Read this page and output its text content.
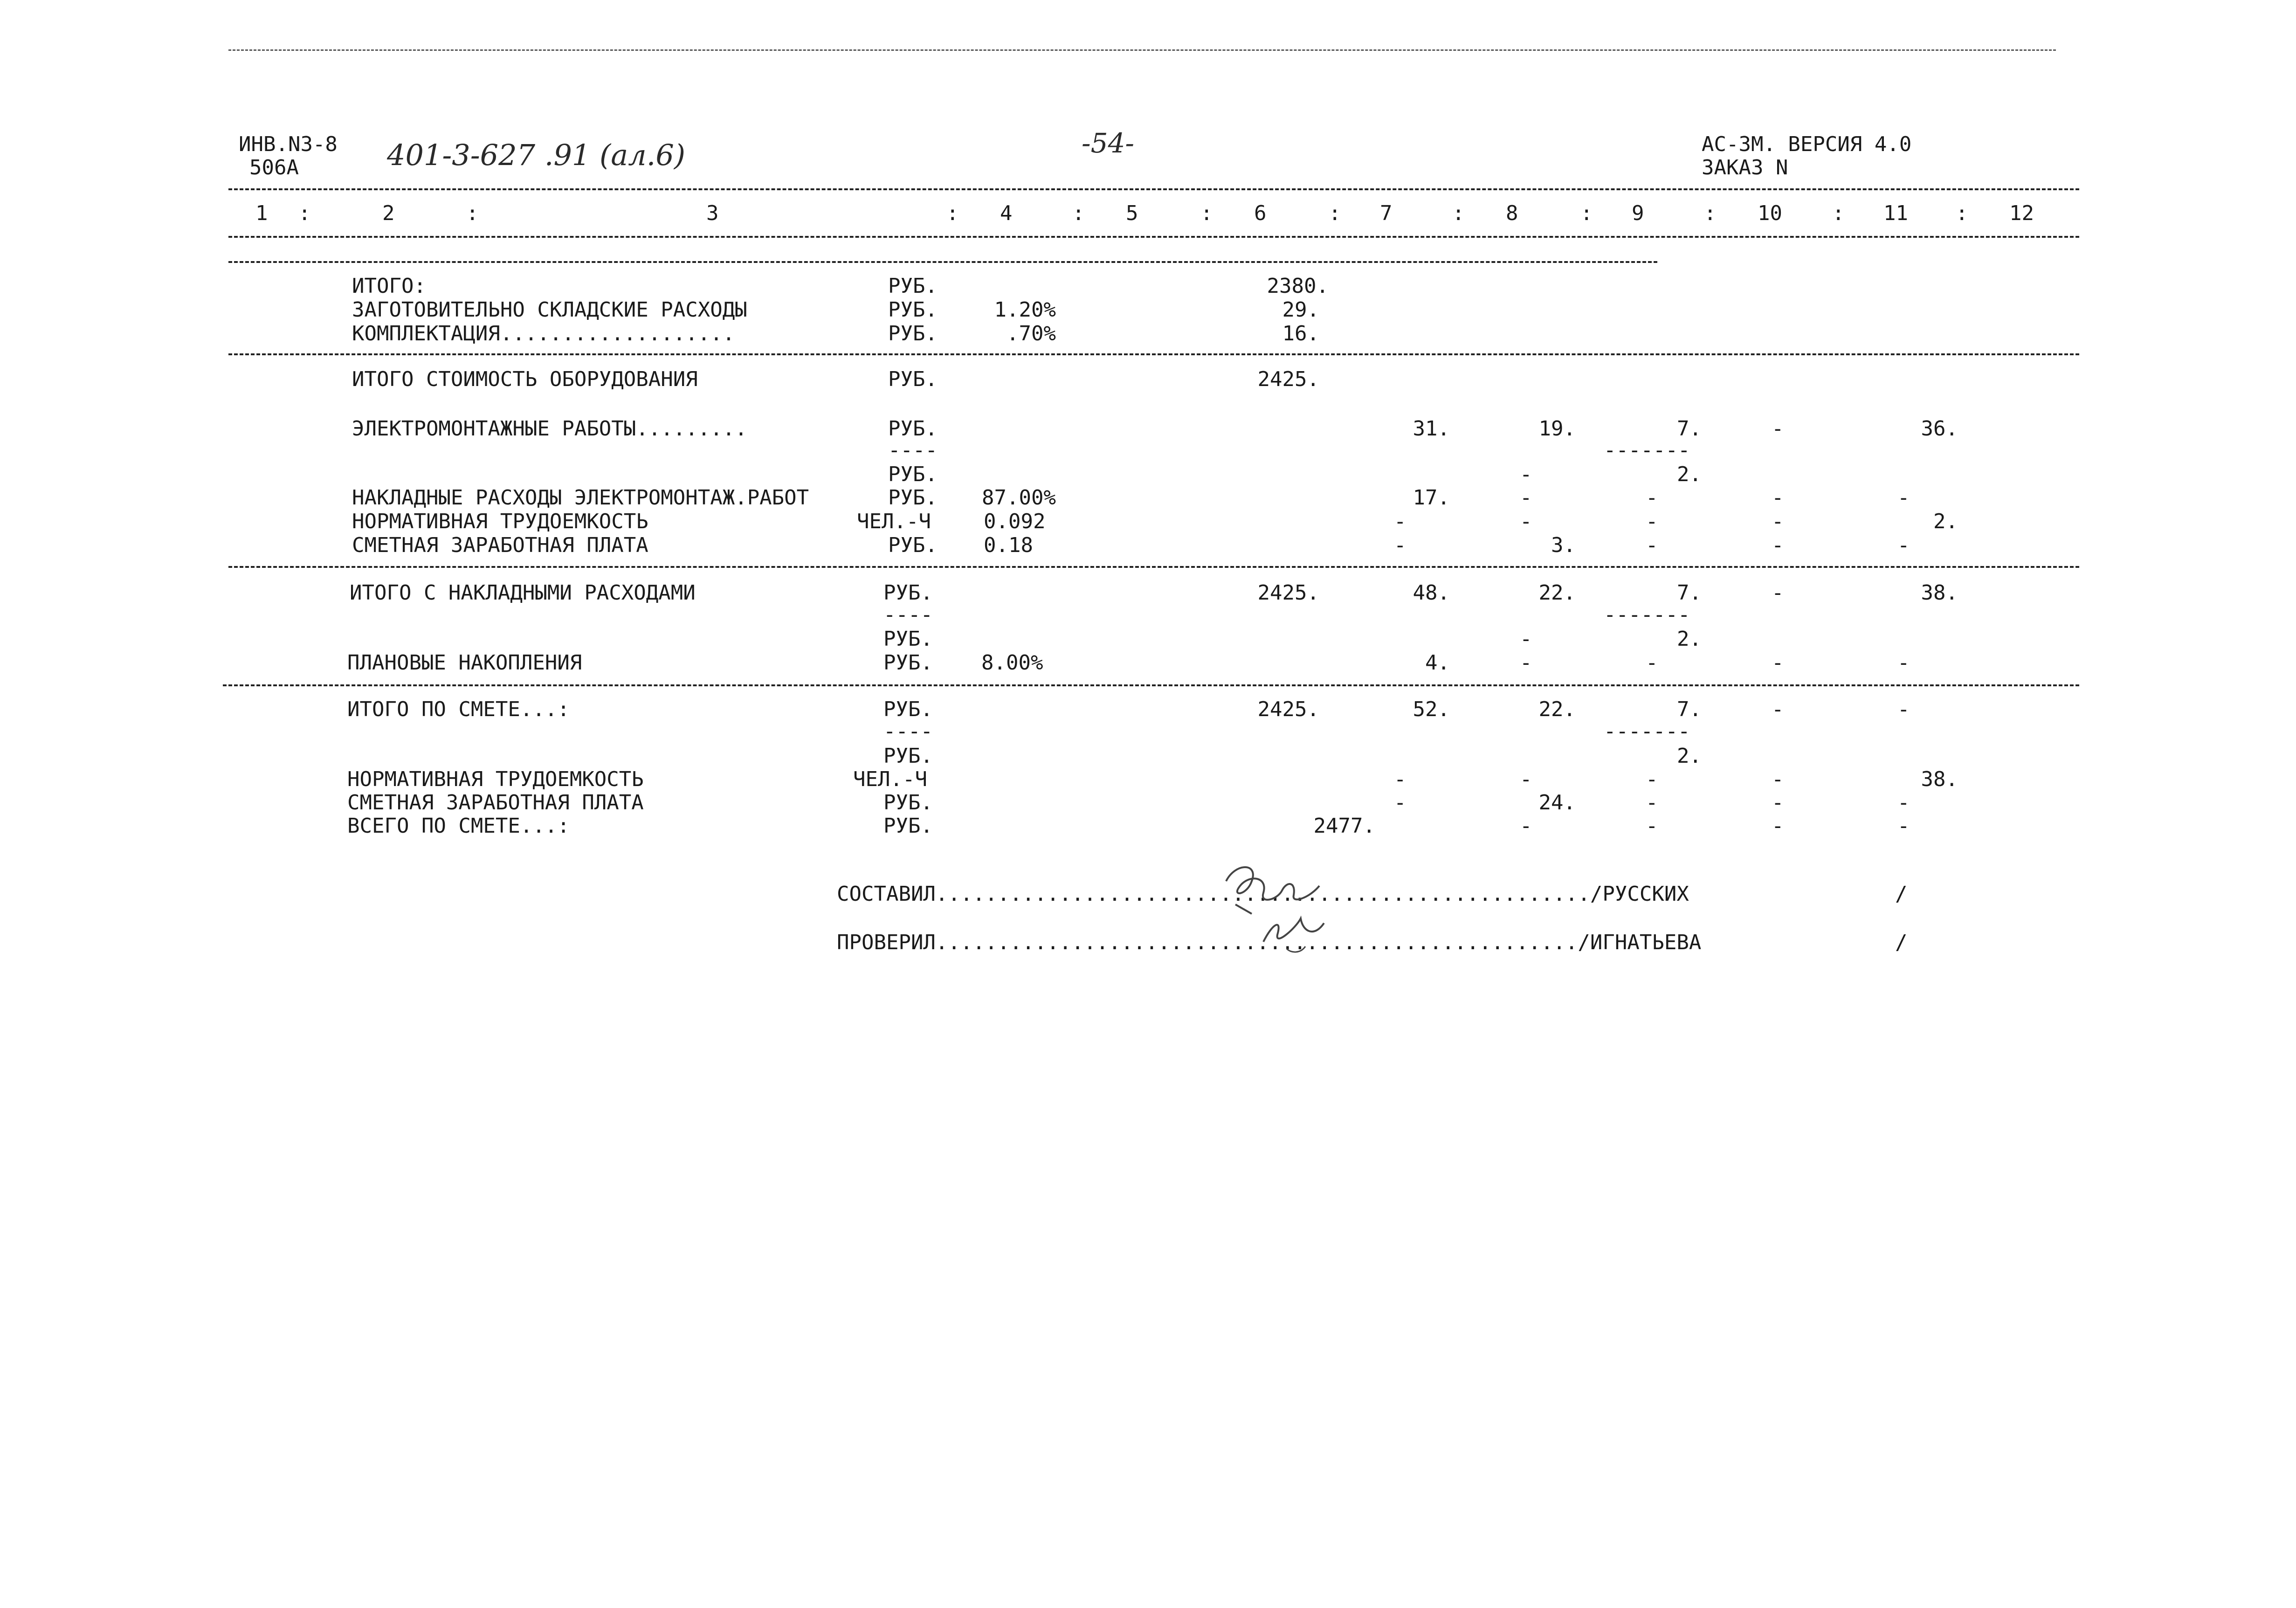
ИНВ.N3-8
506А	401-3-627 .91 (ал.6)	-54-	АС-ЗМ. ВЕРСИЯ 4.0
ЗАКАЗ N
1 :	2	:	3	: 4	: 5	: 6	: 7	: 8	: 9	: 10 : 11 : 12
ИТОГО:	РУБ.	2380.
ЗАГОТОВИТЕЛЬНО СКЛАДСКИЕ РАСХОДЫ	РУБ.	1.20%	29.
КОМПЛЕКТАЦИЯ...................	РУБ.	.70%	16.
ИТОГО СТОИМОСТЬ ОБОРУДОВАНИЯ	РУБ.	2425.
ЭЛЕКТРОМОНТАЖНЫЕ РАБОТЫ.........	РУБ.	31.	19.	7.	-	36.
----	-------
РУБ.	-	2.
НАКЛАДНЫЕ РАСХОДЫ ЭЛЕКТРОМОНТАЖ.РАБОТ	РУБ.	87.00%	17.	-	-	-	-
НОРМАТИВНАЯ ТРУДОЕМКОСТЬ	ЧЕЛ.-Ч	0.092	-	-	-	-	2.
СМЕТНАЯ ЗАРАБОТНАЯ ПЛАТА	РУБ. 0.18	-	3.	-	-	-
ИТОГО С НАКЛАДНЫМИ РАСХОДАМИ	РУБ.	2425.	48.	22.	7.	-	38.
----	-------
РУБ.	-	2.
ПЛАНОВЫЕ НАКОПЛЕНИЯ	РУБ. 8.00%	4.	-	-	-	-
ИТОГО ПО СМЕТЕ...:	РУБ.	2425.	52.	22.	7.	-	-
----	-------
РУБ.	2.
НОРМАТИВНАЯ ТРУДОЕМКОСТЬ	ЧЕЛ.-Ч	-	-	-	-	38.
СМЕТНАЯ ЗАРАБОТНАЯ ПЛАТА	РУБ.	-	24.	-	-	-
ВСЕГО ПО СМЕТЕ...:	РУБ.	2477.	-	-	-	-
СОСТАВИЛ...................................................../РУССКИХ	/
ПРОВЕРИЛ..................................................../ИГНАТЬЕВА	/
